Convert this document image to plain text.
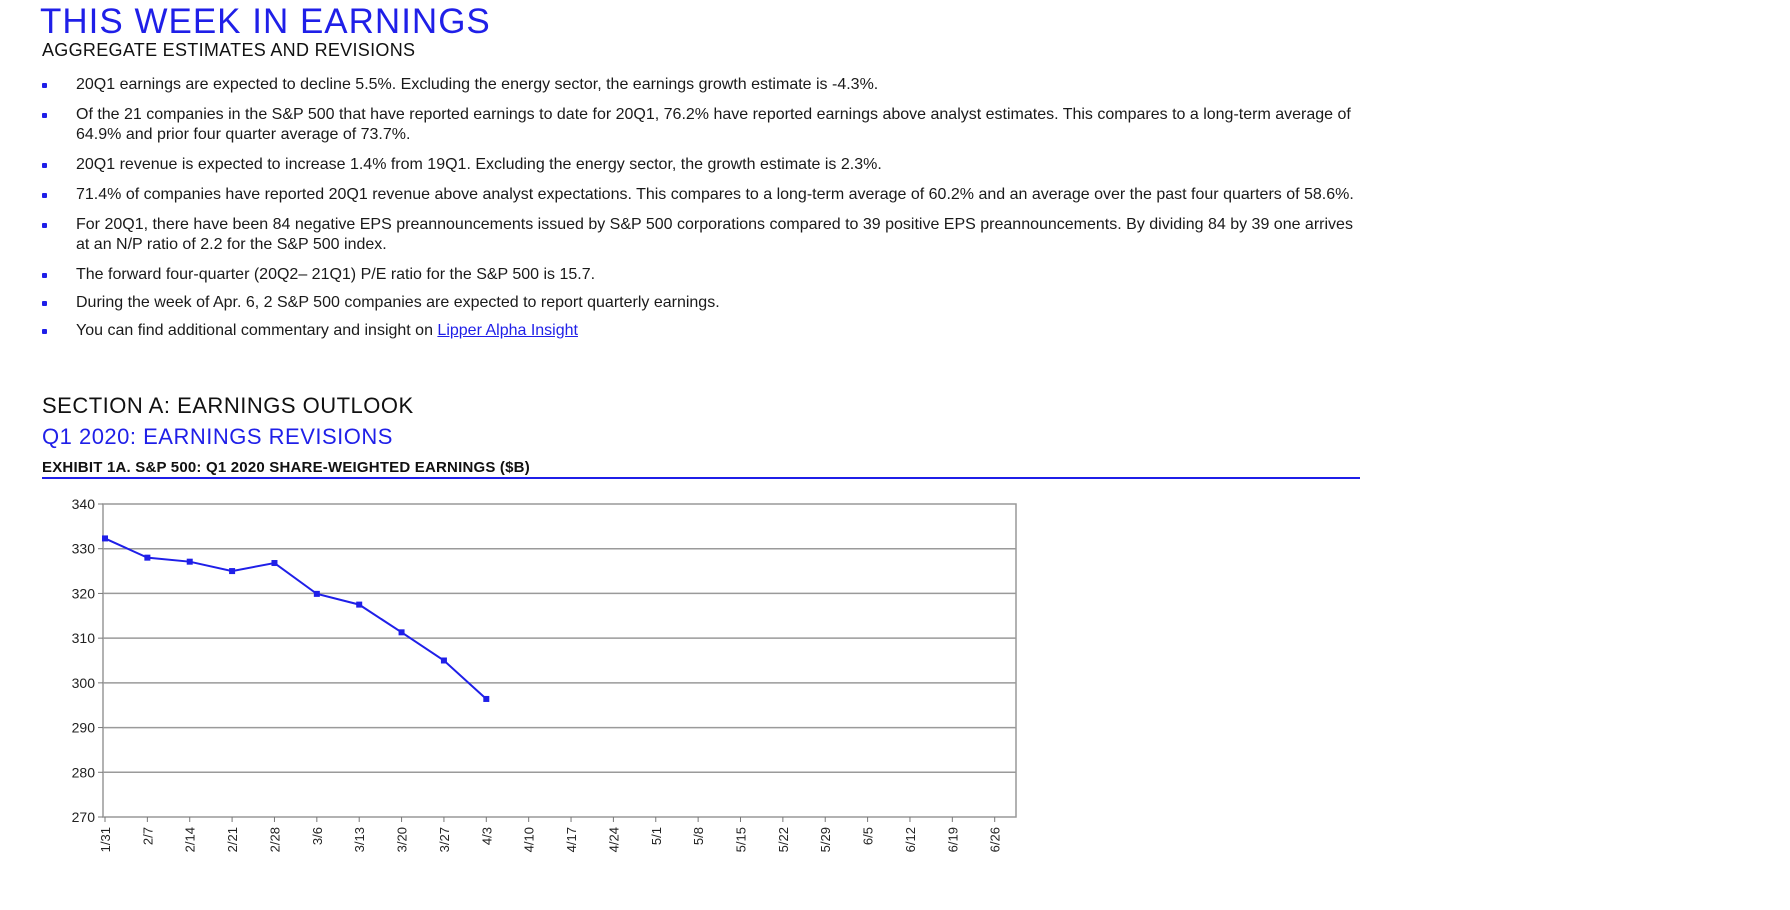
THIS WEEK IN EARNINGS
AGGREGATE ESTIMATES AND REVISIONS
20Q1 earnings are expected to decline 5.5%. Excluding the energy sector, the earnings growth estimate is -4.3%.
Of the 21 companies in the S&P 500 that have reported earnings to date for 20Q1, 76.2% have reported earnings above analyst estimates. This compares to a long-term average of 64.9% and prior four quarter average of 73.7%.
20Q1 revenue is expected to increase 1.4% from 19Q1. Excluding the energy sector, the growth estimate is 2.3%.
71.4% of companies have reported 20Q1 revenue above analyst expectations. This compares to a long-term average of 60.2% and an average over the past four quarters of 58.6%.
For 20Q1, there have been 84 negative EPS preannouncements issued by S&P 500 corporations compared to 39 positive EPS preannouncements. By dividing 84 by 39 one arrives at an N/P ratio of 2.2 for the S&P 500 index.
The forward four-quarter (20Q2– 21Q1) P/E ratio for the S&P 500 is 15.7.
During the week of Apr. 6, 2 S&P 500 companies are expected to report quarterly earnings.
You can find additional commentary and insight on Lipper Alpha Insight
SECTION A: EARNINGS OUTLOOK
Q1 2020: EARNINGS REVISIONS
EXHIBIT 1A. S&P 500: Q1 2020 SHARE-WEIGHTED EARNINGS ($B)
270
280
290
300
310
320
330
340
1/31 2/7 2/14 2/21 2/28 3/6 3/13 3/20 3/27 4/3 4/10 4/17 4/24 5/1 5/8 5/15 5/22 5/29 6/5 6/12 6/19 6/26
